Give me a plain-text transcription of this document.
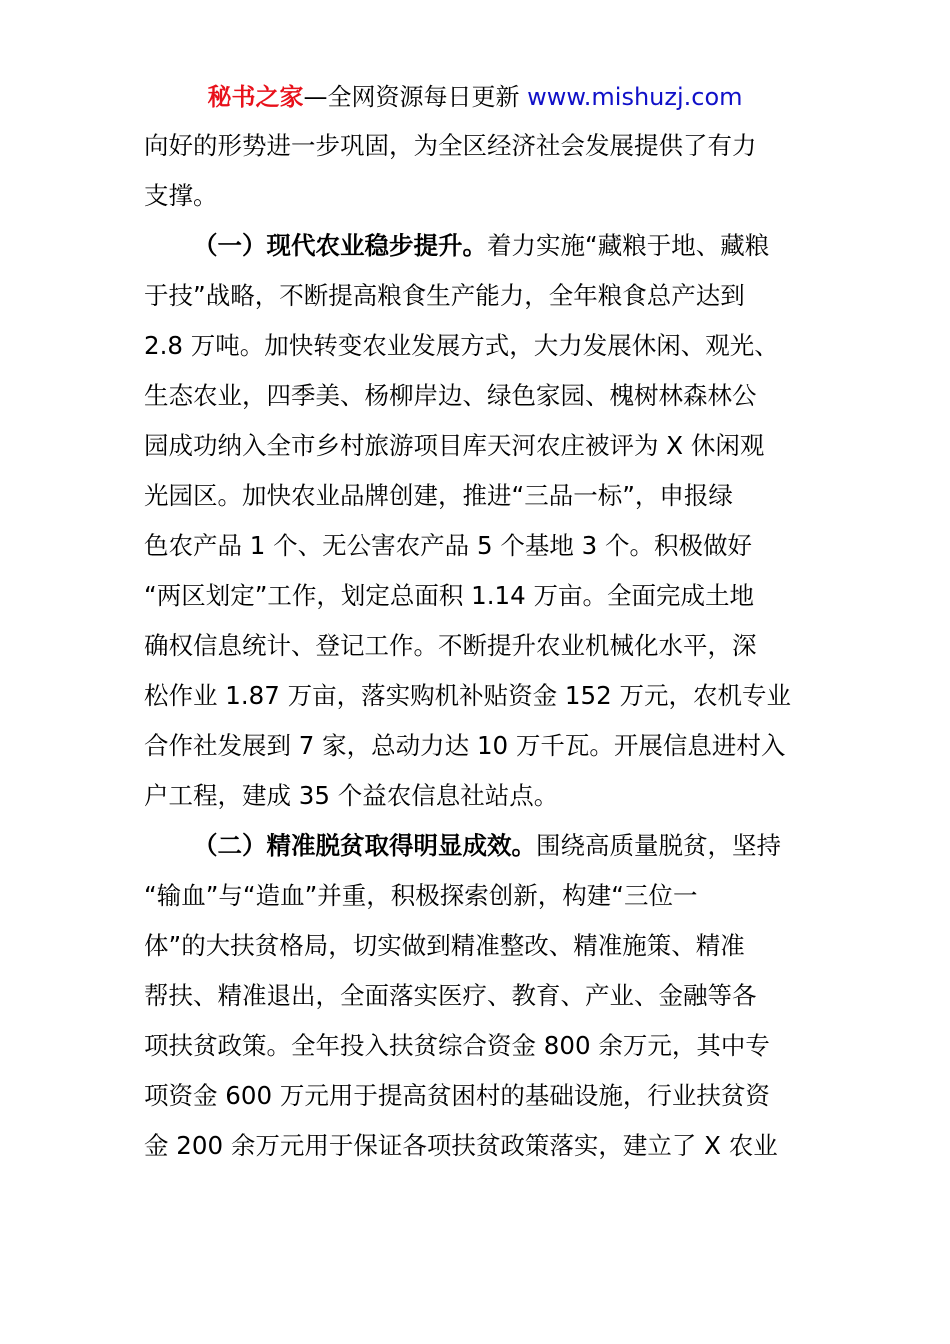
秘书之家—全网资源每日更新 www.mishuzj.com
向好的形势进一步巩固，为全区经济社会发展提供了有力
支撑。
（一）现代农业稳步提升。着力实施“藏粮于地、藏粮
于技”战略，不断提高粮食生产能力，全年粮食总产达到
2.8 万吨。加快转变农业发展方式，大力发展休闲、观光、
生态农业，四季美、杨柳岸边、绿色家园、槐树林森林公
园成功纳入全市乡村旅游项目库天河农庄被评为 X 休闲观
光园区。加快农业品牌创建，推进“三品一标”，申报绿
色农产品 1 个、无公害农产品 5 个基地 3 个。积极做好
“两区划定”工作，划定总面积 1.14 万亩。全面完成土地
确权信息统计、登记工作。不断提升农业机械化水平，深
松作业 1.87 万亩，落实购机补贴资金 152 万元，农机专业
合作社发展到 7 家，总动力达 10 万千瓦。开展信息进村入
户工程，建成 35 个益农信息社站点。
（二）精准脱贫取得明显成效。围绕高质量脱贫，坚持
“输血”与“造血”并重，积极探索创新，构建“三位一
体”的大扶贫格局，切实做到精准整改、精准施策、精准
帮扶、精准退出，全面落实医疗、教育、产业、金融等各
项扶贫政策。全年投入扶贫综合资金 800 余万元，其中专
项资金 600 万元用于提高贫困村的基础设施，行业扶贫资
金 200 余万元用于保证各项扶贫政策落实，建立了 X 农业
